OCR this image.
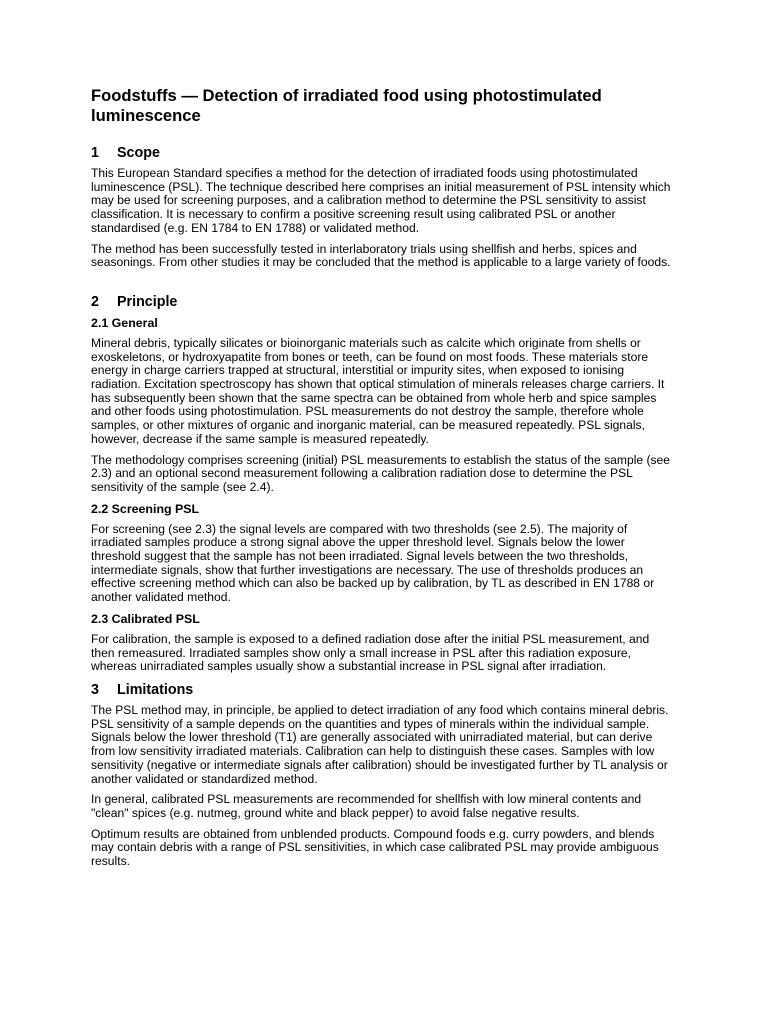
Foodstuffs — Detection of irradiated food using photostimulated luminescence
1	Scope

This European Standard specifies a method for the detection of irradiated foods using photostimulated luminescence (PSL). The technique described here comprises an initial measurement of PSL intensity which may be used for screening purposes, and a calibration method to determine the PSL sensitivity to assist classification. It is necessary to confirm a positive screening result using calibrated PSL or another standardised (e.g. EN 1784 to EN 1788) or validated method.

The method has been successfully tested in interlaboratory trials using shellfish and herbs, spices and seasonings. From other studies it may be concluded that the method is applicable to a large variety of foods.

2	Principle
2.1 General

Mineral debris, typically silicates or bioinorganic materials such as calcite which originate from shells or exoskeletons, or hydroxyapatite from bones or teeth, can be found on most foods. These materials store energy in charge carriers trapped at structural, interstitial or impurity sites, when exposed to ionising radiation. Excitation spectroscopy has shown that optical stimulation of minerals releases charge carriers. It has subsequently been shown that the same spectra can be obtained from whole herb and spice samples and other foods using photostimulation. PSL measurements do not destroy the sample, therefore whole samples, or other mixtures of organic and inorganic material, can be measured repeatedly. PSL signals, however, decrease if the same sample is measured repeatedly.

The methodology comprises screening (initial) PSL measurements to establish the status of the sample (see 2.3) and an optional second measurement following a calibration radiation dose to determine the PSL sensitivity of the sample (see 2.4).

2.2 Screening PSL

For screening (see 2.3) the signal levels are compared with two thresholds (see 2.5). The majority of irradiated samples produce a strong signal above the upper threshold level. Signals below the lower threshold suggest that the sample has not been irradiated. Signal levels between the two thresholds, intermediate signals, show that further investigations are necessary. The use of thresholds produces an effective screening method which can also be backed up by calibration, by TL as described in EN 1788 or another validated method.

2.3 Calibrated PSL

For calibration, the sample is exposed to a defined radiation dose after the initial PSL measurement, and then remeasured. Irradiated samples show only a small increase in PSL after this radiation exposure, whereas unirradiated samples usually show a substantial increase in PSL signal after irradiation.

3	Limitations

The PSL method may, in principle, be applied to detect irradiation of any food which contains mineral debris. PSL sensitivity of a sample depends on the quantities and types of minerals within the individual sample. Signals below the lower threshold (T1) are generally associated with unirradiated material, but can derive from low sensitivity irradiated materials. Calibration can help to distinguish these cases. Samples with low sensitivity (negative or intermediate signals after calibration) should be investigated further by TL analysis or another validated or standardized method.

In general, calibrated PSL measurements are recommended for shellfish with low mineral contents and "clean" spices (e.g. nutmeg, ground white and black pepper) to avoid false negative results.

Optimum results are obtained from unblended products. Compound foods e.g. curry powders, and blends may contain debris with a range of PSL sensitivities, in which case calibrated PSL may provide ambiguous results.
